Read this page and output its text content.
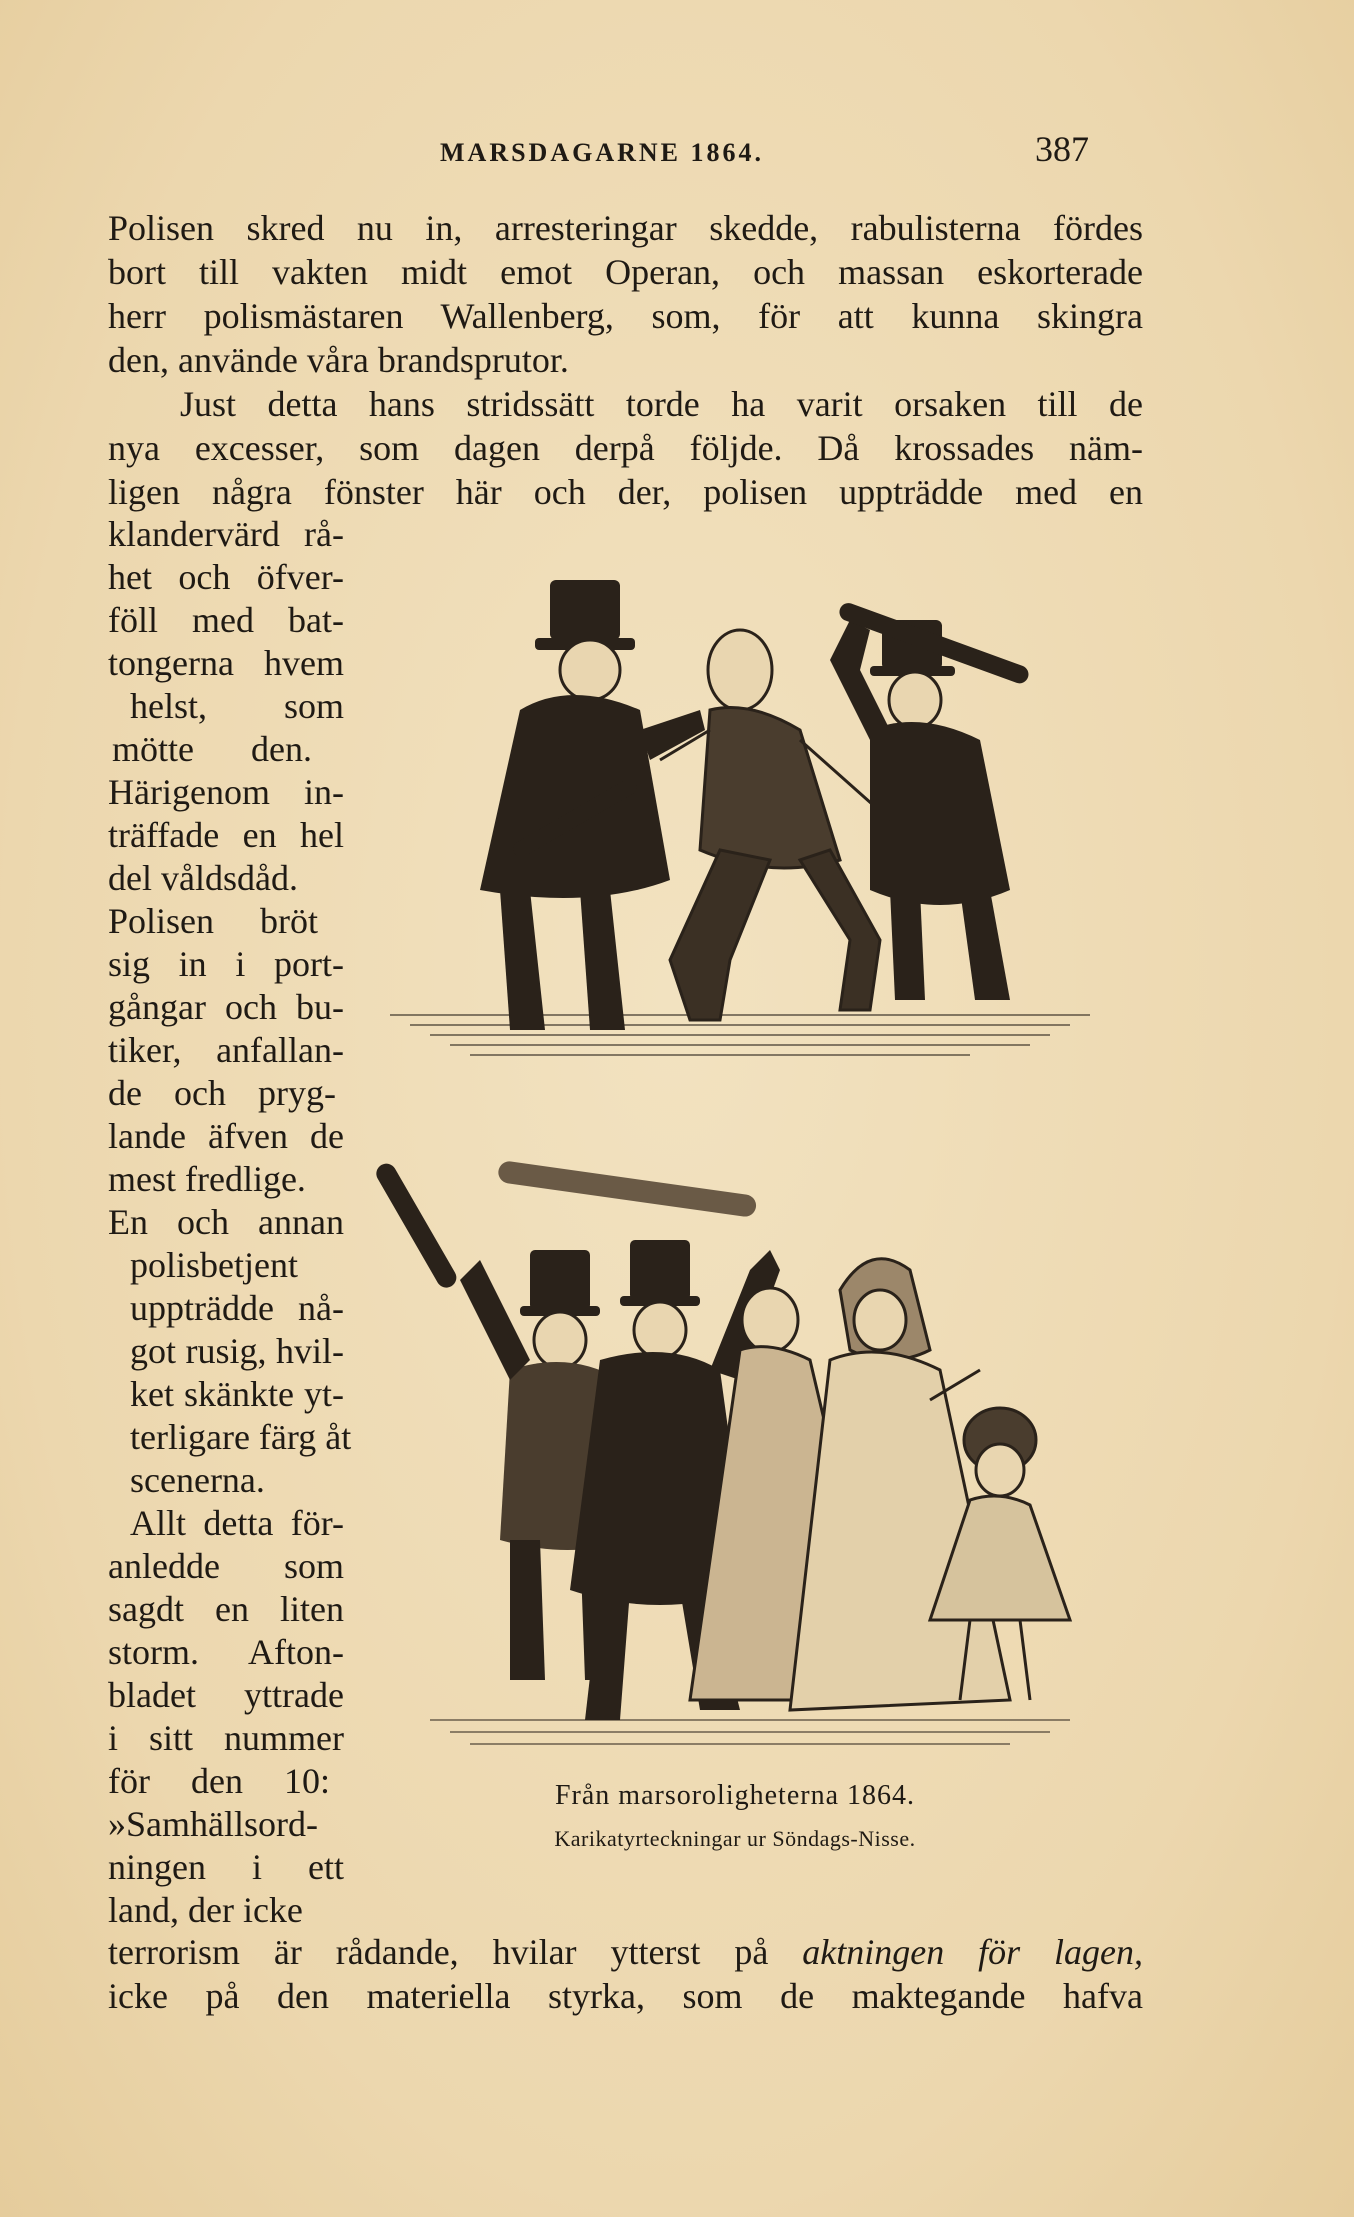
MARSDAGARNE 1864.	387
Polisen skred nu in, arresteringar skedde, rabulisterna fördes
bort till vakten midt emot Operan, och massan eskorterade
herr polismästaren Wallenberg, som, för att kunna skingra
den, använde våra brandsprutor.
Just detta hans stridssätt torde ha varit orsaken till de
nya excesser, som dagen derpå följde. Då krossades näm-
ligen några fönster här och der, polisen uppträdde med en
klandervärd rå-
het och öfver-
föll med bat-
tongerna hvem
helst, som
mötte den.
Härigenom in-
träffade en hel
del våldsdåd.
Polisen bröt
sig in i port-
gångar och bu-
tiker, anfallan-
de och pryg-
lande äfven de
mest fredlige.
En och annan
polisbetjent
uppträdde nå-
got rusig, hvil-
ket skänkte yt-
terligare färg åt
scenerna.
Allt detta för-
anledde som
sagdt en liten
storm. Afton-
bladet yttrade
i sitt nummer
för den 10:
»Samhällsord-
ningen i ett
land, der icke
terrorism är rådande, hvilar ytterst på aktningen för lagen,
icke på den materiella styrka, som de maktegande hafva
Från marsoroligheterna 1864.
Karikatyrteckningar ur Söndags-Nisse.
